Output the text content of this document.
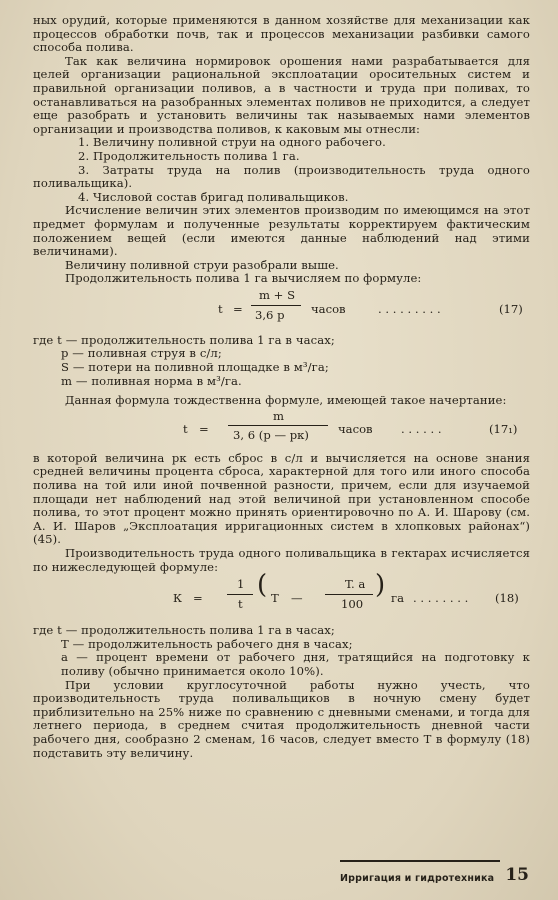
ных орудий, которые применяются в данном хозяйстве для механизации как процессов обработки почв, так и процессов механизации разбивки самого способа полива.

Так как величина нормировок орошения нами разрабатывается для целей организации рациональной эксплоатации оросительных систем и правильной организации поливов, а в частности и труда при поливах, то останавливаться на разобранных элементах поливов не приходится, а следует еще разобрать и установить величины так называемых нами элементов организации и производства поливов, к каковым мы отнесли:

1. Величину поливной струи на одного рабочего.

2. Продолжительность полива 1 га.

3. Затраты труда на полив (производительность труда одного поливальщика).

4. Числовой состав бригад поливальщиков.

Исчисление величин этих элементов производим по имеющимся на этот предмет формулам и полученные результаты корректируем фактическим положением вещей (если имеются данные наблюдений над этими величинами).

Величину поливной струи разобрали выше.

Продолжительность полива 1 га вычисляем по формуле:

t =
m + S
3,6 p часов	. . . . . . . . .	(17)

где t — продолжительность полива 1 га в часах;

p — поливная струя в с/л;

S — потери на поливной площадке в м³/га;

m — поливная норма в м³/га.

Данная формула тождественна формуле, имеющей такое начертание:

t =
m
3, 6 (p — pк)	часов . . . . . .	(17₁)

в которой величина pк есть сброс в с/л и вычисляется на основе знания средней величины процента сброса, характерной для того или иного способа полива на той или иной почвенной разности, причем, если для изучаемой площади нет наблюдений над этой величиной при установленном способе полива, то этот процент можно принять ориентировочно по А. И. Шарову (см. А. И. Шаров „Эксплоатация ирригационных систем в хлопковых районах“) (45).

Производительность труда одного поливальщика в гектарах исчисляется по нижеследующей формуле:

К =
1
t
( T —
T. a
100
) га . . . . . . . . (18)

где t — продолжительность полива 1 га в часах;

T — продолжительность рабочего дня в часах;

а — процент времени от рабочего дня, тратящийся на подготовку к поливу (обычно принимается около 10%).

При условии круглосуточной работы нужно учесть, что производительность труда поливальщиков в ночную смену будет приблизительно на 25% ниже по сравнению с дневными сменами, и тогда для летнего периода, в среднем считая продолжительность дневной части рабочего дня, сообразно 2 сменам, 16 часов, следует вместо Т в формулу (18) подставить эту величину.

Ирригация и гидротехника 15
